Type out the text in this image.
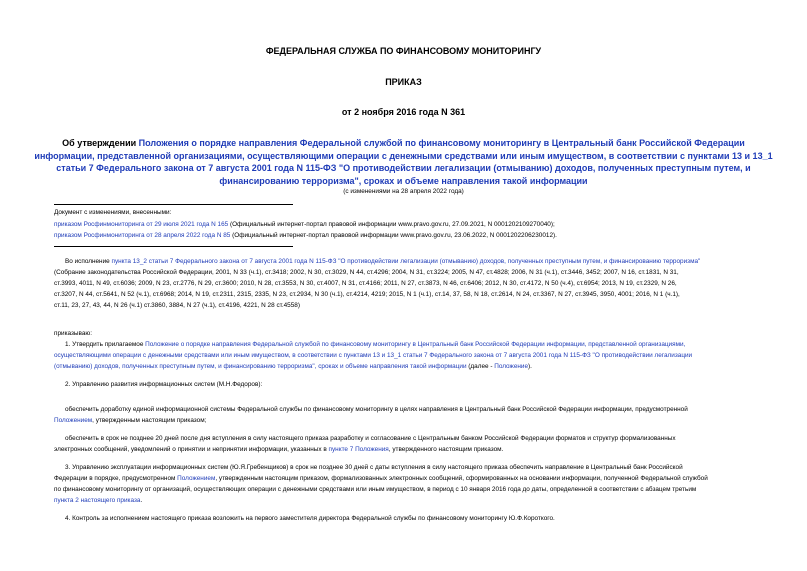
ФЕДЕРАЛЬНАЯ СЛУЖБА ПО ФИНАНСОВОМУ МОНИТОРИНГУ
ПРИКАЗ
от 2 ноября 2016 года N 361
Об утверждении Положения о порядке направления Федеральной службой по финансовому мониторингу в Центральный банк Российской Федерации
информации, представленной организациями, осуществляющими операции с денежными средствами или иным имуществом, в соответствии с пунктами 13 и 13_1
статьи 7 Федерального закона от 7 августа 2001 года N 115-ФЗ "О противодействии легализации (отмыванию) доходов, полученных преступным путем, и
финансированию терроризма", сроках и объеме направления такой информации
(с изменениями на 28 апреля 2022 года)
Документ с изменениями, внесенными:
приказом Росфинмониторинга от 29 июля 2021 года N 165 (Официальный интернет-портал правовой информации www.pravo.gov.ru, 27.09.2021, N 0001202109270040);
приказом Росфинмониторинга от 28 апреля 2022 года N 85 (Официальный интернет-портал правовой информации www.pravo.gov.ru, 23.06.2022, N 0001202206230012).
Во исполнение пункта 13_2 статьи 7 Федерального закона от 7 августа 2001 года N 115-ФЗ "О противодействии легализации (отмыванию) доходов, полученных преступным путем, и финансированию терроризма"
(Собрание законодательства Российской Федерации, 2001, N 33 (ч.1), ст.3418; 2002, N 30, ст.3029, N 44, ст.4296; 2004, N 31, ст.3224; 2005, N 47, ст.4828; 2006, N 31 (ч.1), ст.3446, 3452; 2007, N 16, ст.1831, N 31,
ст.3993, 4011, N 49, ст.6036; 2009, N 23, ст.2776, N 29, ст.3600; 2010, N 28, ст.3553, N 30, ст.4007, N 31, ст.4166; 2011, N 27, ст.3873, N 46, ст.6406; 2012, N 30, ст.4172, N 50 (ч.4), ст.6954; 2013, N 19, ст.2329, N 26,
ст.3207, N 44, ст.5641, N 52 (ч.1), ст.6968; 2014, N 19, ст.2311, 2315, 2335, N 23, ст.2934, N 30 (ч.1), ст.4214, 4219; 2015, N 1 (ч.1), ст.14, 37, 58, N 18, ст.2614, N 24, ст.3367, N 27, ст.3945, 3950, 4001; 2016, N 1 (ч.1),
ст.11, 23, 27, 43, 44, N 26 (ч.1) ст.3860, 3884, N 27 (ч.1), ст.4196, 4221, N 28 ст.4558)
приказываю:
1. Утвердить прилагаемое Положение о порядке направления Федеральной службой по финансовому мониторингу в Центральный банк Российской Федерации информации, представленной организациями,
осуществляющими операции с денежными средствами или иным имуществом, в соответствии с пунктами 13 и 13_1 статьи 7 Федерального закона от 7 августа 2001 года N 115-ФЗ "О противодействии легализации
(отмыванию) доходов, полученных преступным путем, и финансированию терроризма", сроках и объеме направления такой информации (далее - Положение).
2. Управлению развития информационных систем (М.Н.Федоров):
обеспечить доработку единой информационной системы Федеральной службы по финансовому мониторингу в целях направления в Центральный банк Российской Федерации информации, предусмотренной
Положением, утвержденным настоящим приказом;
обеспечить в срок не позднее 20 дней после дня вступления в силу настоящего приказа разработку и согласование с Центральным банком Российской Федерации форматов и структур формализованных
электронных сообщений, уведомлений о принятии и непринятии информации, указанных в пункте 7 Положения, утвержденного настоящим приказом.
3. Управлению эксплуатации информационных систем (Ю.Я.Гребенщиков) в срок не позднее 30 дней с даты вступления в силу настоящего приказа обеспечить направление в Центральный банк Российской
Федерации в порядке, предусмотренном Положением, утвержденным настоящим приказом, формализованных электронных сообщений, сформированных на основании информации, полученной Федеральной службой
по финансовому мониторингу от организаций, осуществляющих операции с денежными средствами или иным имуществом, в период с 10 января 2016 года до даты, определенной в соответствии с абзацем третьим
пункта 2 настоящего приказа.
4. Контроль за исполнением настоящего приказа возложить на первого заместителя директора Федеральной службы по финансовому мониторингу Ю.Ф.Короткого.
